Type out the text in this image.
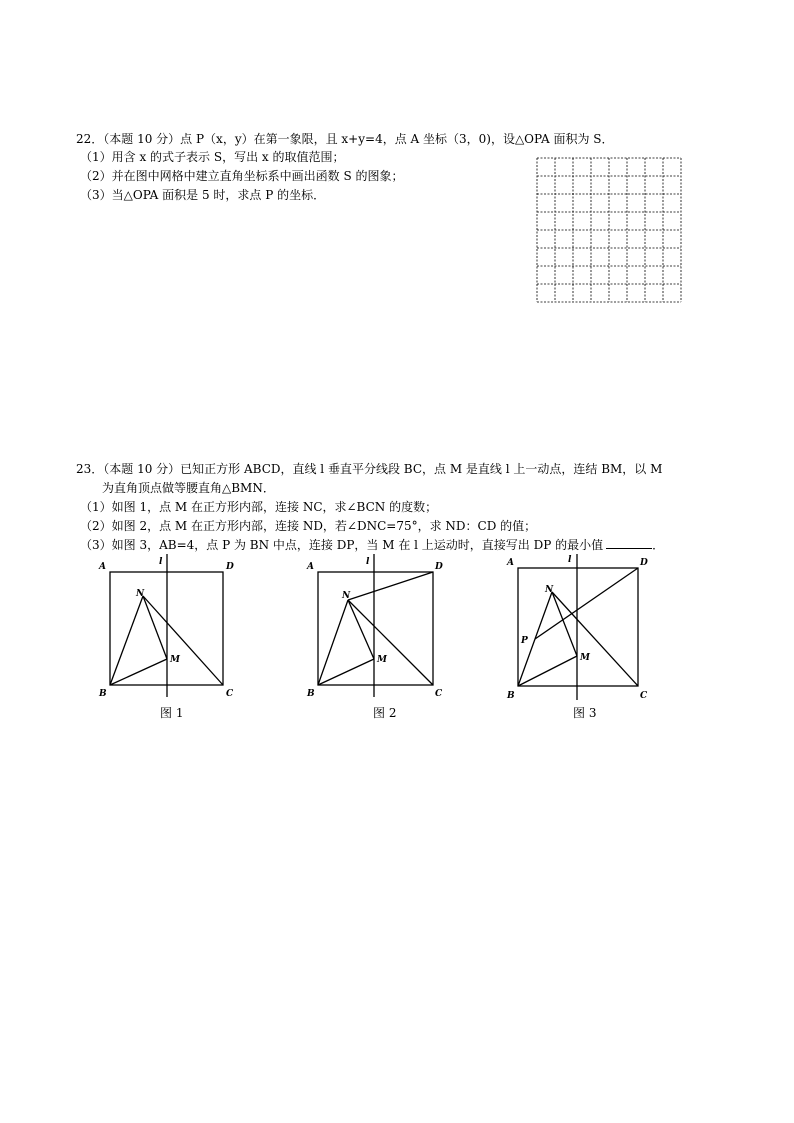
22．（本题 10 分）点 P（x，y）在第一象限，且 x+y=4，点 A 坐标（3，0)，设△OPA 面积为 S．
（1）用含 x 的式子表示 S，写出 x 的取值范围；
（2）并在图中网格中建立直角坐标系中画出函数 S 的图象；
（3）当△OPA 面积是 5 时，求点 P 的坐标．
23．（本题 10 分）已知正方形 ABCD，直线 l 垂直平分线段 BC，点 M 是直线 l 上一动点，连结 BM，以 M
为直角顶点做等腰直角△BMN．
（1）如图 1，点 M 在正方形内部，连接 NC，求∠BCN 的度数；
（2）如图 2，点 M 在正方形内部，连接 ND，若∠DNC=75°，求 ND：CD 的值；
（3）如图 3，AB=4，点 P 为 BN 中点，连接 DP，当 M 在 l 上运动时，直接写出 DP 的最小值	．
A	D
B	C
N
M
l
图 1
A	D
B	C
N
M
l
图 2
A	D
B	C
N
M
P
l
图 3
